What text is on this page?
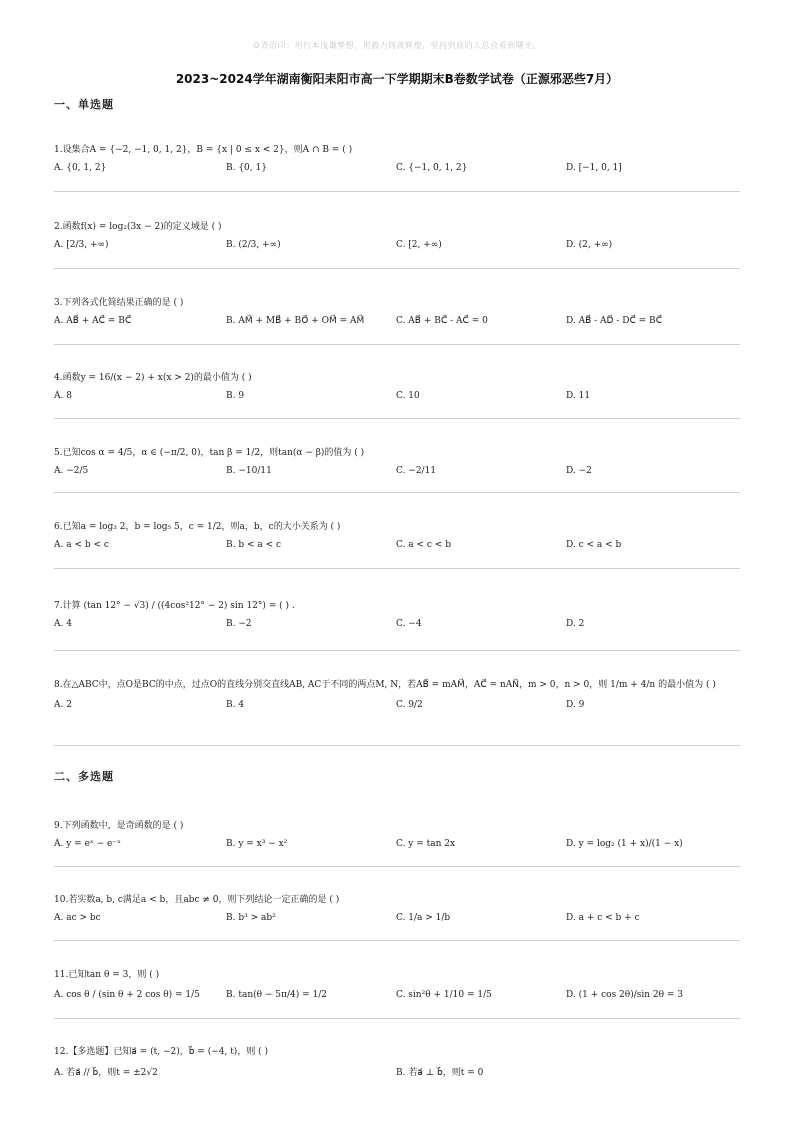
☺青语印：用行本浅谦梦想，用毅力铸就辉煌，坚持到底的人总会看到曙光。
2023~2024学年湖南衡阳耒阳市高一下学期期末B卷数学试卷（正源邪恶些7月）
一、单选题
1.设集合A = {−2, −1, 0, 1, 2}，B = {x | 0 ≤ x < 2}，则A ∩ B = ( )
A. {0, 1, 2}	B. {0, 1}	C. {−1, 0, 1, 2}	D. [−1, 0, 1]
2.函数f(x) = log₂(3x − 2)的定义域是 ( )
A. [2/3, +∞)	B. (2/3, +∞)	C. [2, +∞)	D. (2, +∞)
3.下列各式化简结果正确的是 ( )
A. AB⃗ + AC⃗ = BC⃗	B. AM⃗ + MB⃗ + BO⃗ + OM⃗ = AM⃗	C. AB⃗ + BC⃗ - AC⃗ = 0	D. AB⃗ - AD⃗ - DC⃗ = BC⃗
4.函数y = 16/(x − 2) + x(x > 2)的最小值为 ( )
A. 8	B. 9	C. 10	D. 11
5.已知cos α = 4/5，α ∈ (−π/2, 0)，tan β = 1/2，则tan(α − β)的值为 ( )
A. −2/5	B. −10/11	C. −2/11	D. −2
6.已知a = log₃ 2，b = log₅ 5，c = 1/2，则a，b，c的大小关系为 ( )
A. a < b < c	B. b < a < c	C. a < c < b	D. c < a < b
7.计算 (tan 12° − √3) / ((4cos²12° − 2) sin 12°) = ( ) .
A. 4	B. −2	C. −4	D. 2
8.在△ABC中，点O是BC的中点，过点O的直线分别交直线AB, AC于不同的两点M, N，若AB⃗ = mAM⃗，AC⃗ = nAN⃗，m > 0，n > 0，则 1/m + 4/n 的最小值为 ( )
A. 2	B. 4	C. 9/2	D. 9
二、多选题
9.下列函数中，是奇函数的是 ( )
A. y = eˣ − e⁻ˣ	B. y = x³ − x²	C. y = tan 2x	D. y = log₂ (1 + x)/(1 − x)
10.若实数a, b, c满足a < b，且abc ≠ 0，则下列结论一定正确的是 ( )
A. ac > bc	B. b³ > ab²	C. 1/a > 1/b	D. a + c < b + c
11.已知tan θ = 3，则 ( )
A. cos θ / (sin θ + 2 cos θ) = 1/5	B. tan(θ − 5π/4) = 1/2	C. sin²θ + 1/10 = 1/5	D. (1 + cos 2θ)/sin 2θ = 3
12.【多选题】已知a⃗ = (t, −2)，b⃗ = (−4, t)，则 ( )
A. 若a⃗ // b⃗，则t = ±2√2	B. 若a⃗ ⊥ b⃗，则t = 0
